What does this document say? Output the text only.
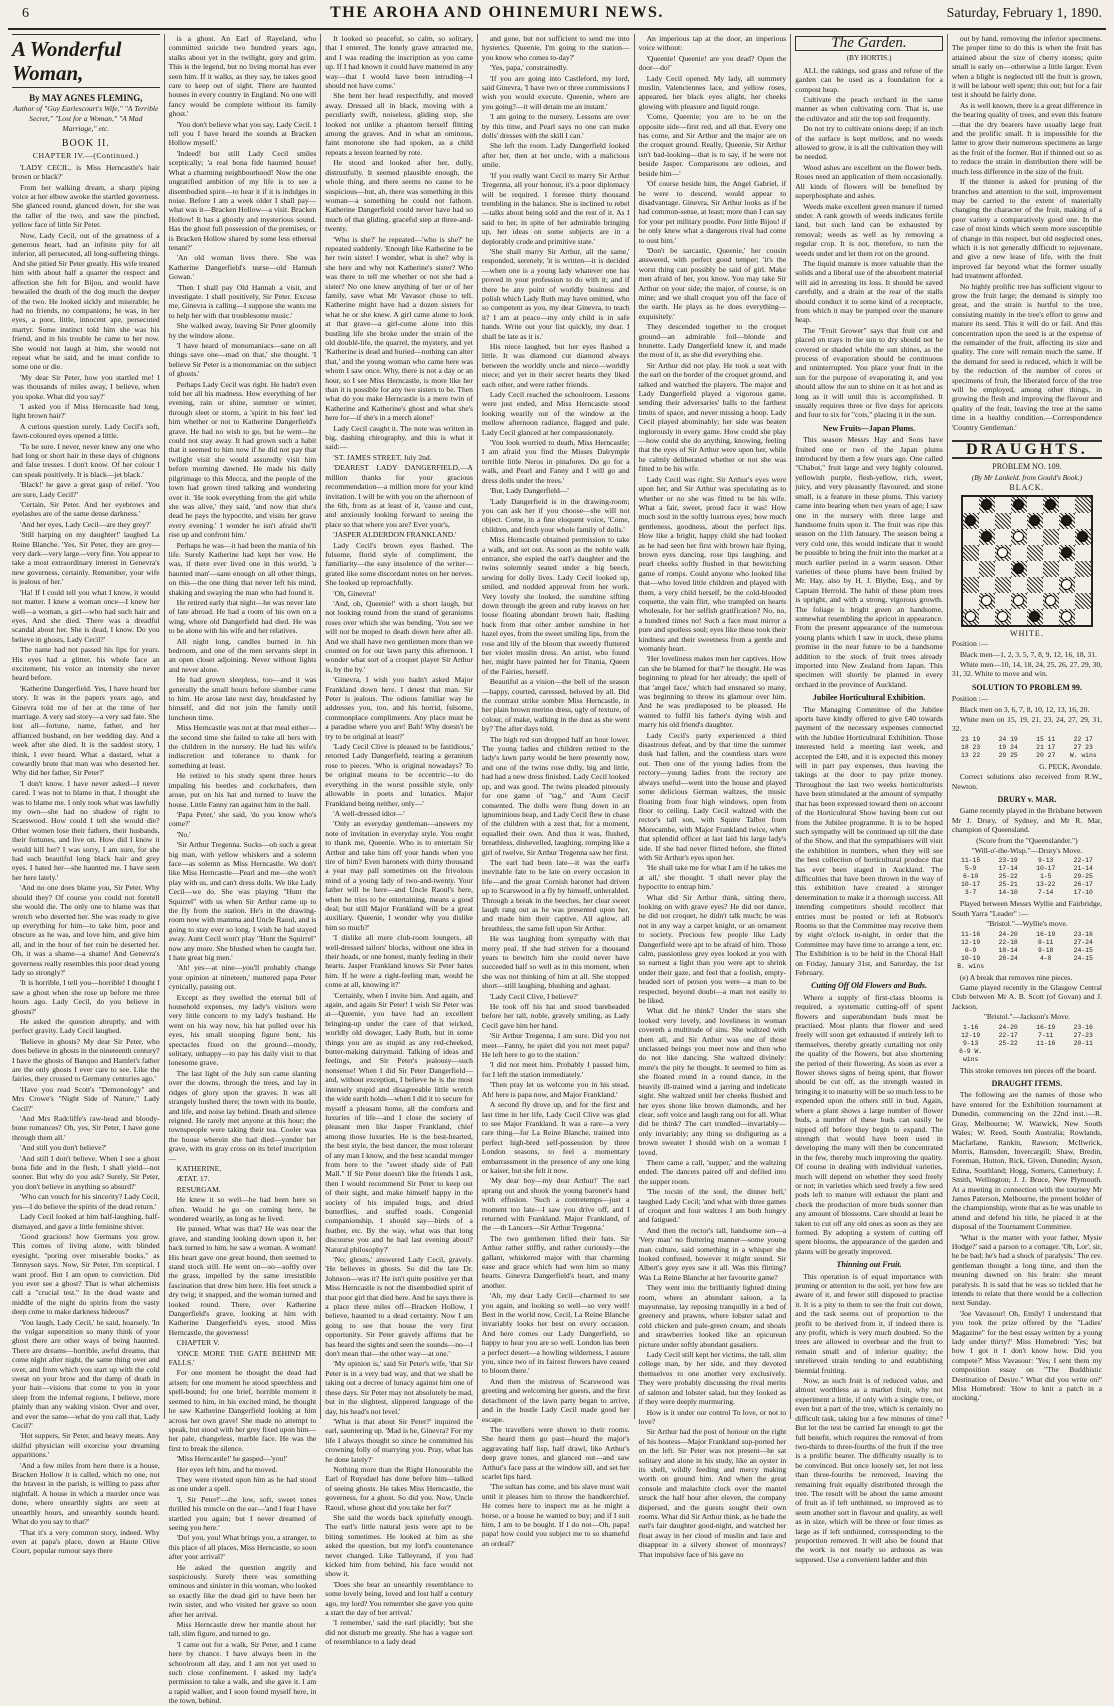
6	THE AROHA AND OHINEMURI NEWS.	Saturday, February 1, 1890.
A Wonderful Woman,
By MAY AGNES FLEMING,
Author of "Guy Earlescourt's Wife," "A Terrible Secret," "Lost for a Woman," "A Mad Marriage," etc.
BOOK II.
CHAPTER IV.—(Continued.)

'LADY CECIL, is Miss Herncastle's hair brown or black?'

From her walking dream, a sharp piping voice at her elbow awoke the startled governess. She glanced round, glanced down, for she was the taller of the two, and saw the pinched, yellow face of little Sir Peter.

Now, Lady Cecil, out of the greatness of a generous heart, had an infinite pity for all inferior, all persecuted, all long-suffering things. And she pitied Sir Peter greatly. His wife treated him with about half a quarter the respect and affection she felt for Bijou, and would have bewailed the death of the dog much the deeper of the two. He looked sickly and miserable; he had no friends, no companions; he was, in her eyes, a poor, little, innocent ape, persecuted martyr. Some instinct told him she was his friend, and in his trouble he came to her now. She would not laugh at him, she would not repeat what he said, and he must confide to some one or die.

'My dear Sir Peter, how you startled me! I was thousands of miles away, I believe, when you spoke. What did you say?'

'I asked you if Miss Herncastle had long, light brown hair?'

A curious question surely. Lady Cecil's soft, fawn-coloured eyes opened a little.

'To be sure. I never, never knew any one who had long or short hair in these days of chignons and false tresses. I don't know. Of her colour I can speak positively. It is black—jet black.'

'Black!' he gave a great gasp of relief. 'You are sure, Lady Cecil?'

'Certain, Sir Peter. And her eyebrows and eyelashes are of the same dense darkness.'

'And her eyes, Lady Cecil—are they grey?'

'Still harping on my daughter!' laughed La Reine Blanche. 'Yes, Sir Peter, they are grey—very dark—very large—very fine. You appear to take a most extraordinary interest in Genevra's new governess, certainly. Remember, your wife is jealous of her.'

'Ha! If I could tell you what I know, it would not matter. I knew a woman once—I knew her well—a woman, a girl—who had such hair and eyes. And she died. There was a dreadful scandal about her. She is dead, I know. Do you believe in ghosts, Lady Cecil?'

The name had not passed his lips for years. His eyes had a glitter, his whole face an excitement, his voice an intensity she never heard before.

'Katherine Dangerfield. Yes, I have heard her story. It was in the papers years ago, and Ginevra told me of her at the time of her marriage. A very sad story—a very sad fate. She lost all—fortune, name, father, and her affianced husband, on her wedding day. And a week after she died. It is the saddest story, I think, I ever heard. What a dastard, what a cowardly brute that man was who deserted her. Why did her father, Sir Peter?'

'I don't know. I have never asked—I never cared. I was not to blame in that, I thought she was to blame me. I only took what was lawfully my own—she had no shadow of right to Scarswood. How could I tell she would die? Other women lose their fathers, their husbands, their fortunes, and live on. How did I know it would kill her? I was sorry, I am sure, for she had such beautiful long black hair and grey eyes. I hated her—she haunted me. I have seen her here lately.'

'And no one does blame you, Sir Peter. Why should they? Of course you could not foretell she would die. The only one to blame was that wretch who deserted her. She was ready to give up everything for him—to take him, poor and obscure as he was, and love him, and give him all, and in the hour of her ruin he deserted her. Oh, it was a shame—a shame! And Genevra's governess really resembles this poor dead young lady so strongly?'

'It is horrible, I tell you—horrible! I thought I saw a ghost when she rose up before me three hours ago. Lady Cecil, do you believe in ghosts?'

He asked the question abruptly, and with perfect gravity. Lady Cecil laughed.

'Believe in ghosts? My dear Sir Peter, who does believe in ghosts in the nineteenth century? I have the ghosts of Banquo and Hamlet's father are the only ghosts I ever care to see. Like the fairies, they crossed to Germany centuries ago.'

'Have you read Scott's "Demonology" and Mrs Crowe's "Night Side of Nature," Lady Cecil?'

'And Mrs Radcliffe's raw-head and bloody-bone romances? Oh, yes, Sir Peter, I have gone through them all.'

'And still you don't believe?'

'And still I don't believe. When I see a ghost bona fide and in the flesh, I shall yield—not sooner. But why do you ask? Surely, Sir Peter, you don't believe in anything so absurd?'

'Who can vouch for his sincerity? Lady Cecil, yes—I do believe the spirits of the dead return.'

Lady Cecil looked at him half-laughing, half-dismayed, and gave a little feminine shiver.

'Good gracious! how Germans you grow. This comes of living alone, with blinded eyesight, "poring over miserable books," as Tennyson says. Now, Sir Peter, I'm sceptical. I want proof. But I am open to conviction. Did you ever see a ghost? That is what alchemists call a "crucial test." In the dead waste and middle of the night do spirits from the vasty deep come to make darkness hideous?'

'You laugh, Lady Cecil,' he said, hoarsely. 'In the vulgar superstition so many think of your ghost there are other ways of being haunted. There are dreams—horrible, awful dreams, that come night after night, the same thing over and over, and from which you start up with the cold sweat on your brow and the damp of death in your hair—visions that come to you in your sleep from the infernal regions, I believe, more plainly than any waking vision. Over and over, and ever the same—what do you call that, Lady Cecil?'

'Hot suppers, Sir Peter, and heavy meats. Any skilful physician will exorcise your dreaming apparitions.'

'And a few miles from here there is a house, Bracken Hollow it is called, which no one, not the bravest in the parish, is willing to pass after nightfall. A house in which a murder once was done, where unearthly sights are seen at unearthly hours, and unearthly sounds heard. What do you say to that?'

'That it's a very common story, indeed. Why even at papa's place, down at Haute Olive Court, popular rumour says there

is a ghost. An Earl of Rayeland, who committed suicide two hundred years ago, stalks about yet in the twilight, gory and grim. This is the legend, but no living mortal has ever seen him. If it walks, as they say, he takes good care to keep out of sight. There are haunted houses in every country in England. No one will fancy would be complete without its family ghost.'

'You don't believe what you say, Lady Cecil. I tell you I have heard the sounds at Bracken Hollow myself.'

'Indeed! but still Lady Cecil smiles sceptically; 'a real bona fide haunted house! What a charming neighbourhood! Now the one ungratified ambition of my life is to see a disembodied spirit—to hear it if it is indulges in noise. Before I am a week older I shall pay—what was it—Bracken Hollow—a visit. Bracken Hollow! It has a ghostly and mysterious sound. Has the ghost full possession of the premises, or is Bracken Hollow shared by some less ethereal tenant?'

'An old woman lives there. She was Katherine Dangerfield's nurse—old Hannah Gowan.'

'Then I shall pay Old Hannah a visit, and investigate. I shall positively, Sir Peter. Excuse me, Ginevra is calling—I suppose she wants me to help her with that troublesome music.'

She walked away, leaving Sir Peter gloomily by the window alone.

'I have heard of monomaniacs—sane on all things save one—mad on that,' she thought. 'I believe Sir Peter is a monomaniac on the subject of ghosts.'

Perhaps Lady Cecil was right. He hadn't even told her all his madness. How everything of her evening, rain or shine, summer or winter, through sleet or storm, a 'spirit in his feet' led him whether or not to Katherine Dangerfield's grave. He had no wish to go, but he went—he could not stay away. It had grown such a habit that it seemed to him now if he did not pay that twilight visit she would assuredly visit him before morning dawned. He made his daily pilgrimage to this Mecca, and the people of the town had grown tired talking and wondering over it. 'He took everything from the girl while she was alive,' they said, 'and now that she's dead he pays the hypocrite, and visits her grave every evening.' I wonder he isn't afraid she'll rise up and confront him.'

Perhaps he was—it had been the mania of his life. Surely Katherine had kept her vow. He was, if there ever lived one in this world, 'a haunted man'—sane enough on all other things, on this—the one thing that never left his mind, shaking and swaying the man who had found it.

He retired early that night—he was never late of late abroad. He had a room of his own on a wing, where old Dangerfield had died. He was to be alone with his wife and her relatives.

All night long, candles burned in his bedroom, and one of the men servants slept in an open closet adjoining. Never without lights and never alone.

He had grown sleepless, too—and it was generally the small hours before slumber came to him. He arose late next day, breakfasted by himself, and did not join the family until luncheon time.

Miss Herncastle was not at that meal either—the second time she failed to take all hers with the children in the nursery. He had his wife's indiscretion and tolerance to thank for something at least.

He retired to his study spent three hours impaling his beetles and cockchafers, then arose, put on his hat and turned to leave the house. Little Fanny ran against him in the hall.

'Papa Peter,' she said, 'do you know who's come?'

'No.'

'Sir Arthur Tregenna. Sucks—oh such a great big man, with yellow whiskers and a solemn face—as solemn as Miss Herncastle. We don't like Miss Herncastle—Pearl and me—she won't play with us, and can't dress dolls. We like Lady Cecil—we do. She was playing "Hunt the Squirrel" with us when Sir Arthur came up to the fly from the station. He's in the drawing-room now with mamma and Uncle Raoul, and is going to stay ever so long. I wish he had stayed away. Aunt Cecil won't play "Hunt the Squirrel" now any more. She blushed when he caught her. I hate great big men.'

'Ah! yes—at nine—you'll probably change your opinion at nineteen,' muttered papa Peter cynically, passing out.

Except as they swelled the eternal bill of household expenses, my lady's visitors were very little concern to my lady's husband. He went on his way now, his hat pulled over his eyes, his small stooping figure bent, his spectacles fixed on the ground—moody, solitary, unhappy—to pay his daily visit to that lonesome grave.

The last light of the July sun came slanting over the downs, through the trees, and lay in ridges of glory upon the graves. It was all strangely hushed there; the town with its bustle, and life, and noise lay behind. Death and silence reigned. He rarely met anyone at this hour; the townspeople were taking their tea. Cooler was the house wherein she had died—yonder her grave, with its gray cross on its brief inscription—

KATHERINE,

ÆTAT. 17.

RESURGAM.

He knew it so well—he had been here so often. Would he go on coming here, he wondered wearily, as long as he lived.

He paused. What was that? He was near the grave, and standing looking down upon it, her back turned to him, he saw a woman. A woman! His heart gave one great bound, then seemed to stand stock still. He went on—so—softly over the grass, impelled by the same irresistible fascination that drew him here. His feet struck a dry twig; it snapped, and the woman turned and looked round. There, over Katherine Dangerfield's grave, looking at him with Katherine Dangerfield's eyes, stood Miss Herncastle, the governess!

CHAPTER V.

'ONCE MORE THE GATE BEHIND ME FALLS.'

For one moment he thought the dead had arisen; for one moment he stood speechless and spell-bound; for one brief, horrible moment it seemed to him, in his excited mind, he thought he saw Katherine Dangerfield looking at him across her own grave! She made no attempt to speak, but stood with her grey fixed upon him—her pale, changeless, marble face. He was the first to break the silence.

'Miss Herncastle!' he gasped—'you!'

Her eyes left him, and he moved.

They were riveted upon him as he had stood as one under a spell.

'I, Sir Peter!'—the low, soft, sweet tones thrilled his muscle on the ear—'and I fear I have startled you again; but I never dreamed of seeing you here.'

'Do! you, you! What brings you, a stranger, to this place of all places, Miss Herncastle, so soon after your arrival?'

He asked the question angrily and suspiciously. Surely there was something ominous and sinister in this woman, who looked so exactly like the dead girl to have been her twin sister, and who visited her grave so soon after her arrival.

Miss Herncastle drew her mantle about her tall, slim figure, and turned to go.

'I came out for a walk, Sir Peter, and I came here by chance. I have always been in the schoolroom all day, and I am not yet used to such close confinement. I asked my lady's permission to take a walk, and she gave it. I am a rapid walker, and I soon found myself here, in the town, behind.

It looked so peaceful, so calm, so solitary, that I entered. The lonely grave attracted me, and I was reading the inscription as you came up. If I had known it could have mattered in any way—that I would have been intruding—I should not have come.'

She bent her head respectfully, and moved away. Dressed all in black, moving with a peculiarly swift, noiseless, gliding step, she looked not unlike a phantom herself flitting among the graves. And in what an ominous, faint monotone she had spoken, as a child repeats a lesson learned by rote.

He stood and looked after her, dully, distrustfully. It seemed plausible enough, the whole thing, and there seems no cause to be suspicious—but, ah, there was something in this woman—a something he could not fathom. Katherine Dangerfield could never have had so much of that gliding, graceful step at three-and-twenty.

'Who is she?' he repeated—'who is she?' he repeated suddenly. 'Enough like Katherine to be her twin sister! I wonder, what is she? why is she here and why not Katherine's sister? Who was there to tell me whether or not she had a sister? No one knew anything of her or of her family, save what Mr Vavasor chose to tell. Katherine might have had a dozen sisters for what he or she knew. A girl came alone to look at that grave—a girl-come alone into this bustling life she broke under the strain of the old doublé-life, the quarrel, the mystery, and yet 'Katherine is dead and buried—nothing can alter that,' and the young woman who came here was whom I saw once. Why, there is not a day or an hour, so I see Miss Herncastle, is more like her than it is possible for any two sisters to be. Then what do you make Herncastle is a mere twin of Katherine and Katherine's ghost and what she's here for—if she's in a merch alone!'

Lady Cecil caught it. The note was written in big, dashing chirography, and this is what it said:—

'ST. JAMES STREET, July 2nd.

'DEAREST LADY DANGERFIELD,—A million thanks for your gracious recommendation—a million more for your kind invitation. I will be with you on the afternoon of the 6th, from as at least of it, 'cause and cust, and anxiously looking forward to seeing the place so that where you are? Ever your's,

'JASPER ALDERDON FRANKLAND.'

Lady Cecil's brown eyes flashed. The fulsome, florid style of compliment, the familiarity—the easy insolence of the writer—grated like some discordant notes on her nerves. She looked up reproachfully.

'Oh, Ginevra!'

'And, oh, Queenie!' with a short laugh, but not looking round from the stand of geraniums roses over which she was bending. 'You see we will not be moped to death down here after all. And we shall have two gentlemen more than we counted on for our lawn party this afternoon. I wonder what sort of a croquet player Sir Arthur is, by the by.'

'Ginevra, I wish you hadn't asked Major Frankland down here. I detest that man. Sir Peter is jealous. The odious familiar way he addresses you, too, and his horrid, fulsome, commonplace compliments. Any place must be a paradise where you are! Bah! Why doesn't he try to be original at least?'

'Lady Cecil Clive is pleased to be fastidious,' retorted Lady Dangerfield, tearing a geranium rose to pieces. 'Who is original nowadays? To be original means to be eccentric—to do everything in the worst possible style, only allowable in poets and lunatics. Major Frankland being neither, only—'

'A well-dressed idiot—'

'Only an everyday gentleman—answers my note of invitation in everyday style. You ought to thank me, Queenie. Who is to entertain Sir Arthur and take him off your hands when you tire of him? Even baronets with thirty thousand a year may pall sometimes on the frivolous mind of a young lady of two-and-twenty. Your father will be here—and Uncle Raoul's here, when he tries to be entertaining, means a good deal; but still Major Frankland will be a great auxiliary. Queenie, I wonder why you dislike him so much?'

'I dislike all mere club-room loungers, all well-dressed tailors' blocks, without one idea in their heads, or one honest, manly feeling in their hearts. Jasper Frankland knows Sir Peter hates him. If he were a right-feeling man, would he come at all, knowing it?'

'Certainly, when I invite him. And again, and again, and again Sir Peter! I wish Sir Peter was at—Queenie, you have had an excellent bringing-up under the care of that wicked, worldly old dowager, Lady Ruth, but in some things you are as stupid as any red-cheeked, butter-making dairymaid. Talking of ideas and feelings, and Sir Peter's jealousy—such nonsense! When I did Sir Peter Dangerfield—and, without exception, I believe he is the most intensely stupid and disagreeable little wretch the wide earth holds—when I did it to secure for myself a pleasant home, all the comforts and luxuries of life—and I close the society of pleasant men like Jasper Frankland, chief among those luxuries. He is the best-hearted, the best style, the best dancer, the most tolerant of any man I know, and the best scandal monger from here to the "sweet shady side of Pall Mall." If Sir Peter doesn't like the friends I ask, then I would recommend Sir Peter to keep out of their sight, and make himself happy in the society of his impaled bugs, and dried butterflies, and stuffed toads. Congenial companionship, I should say—birds of a feather, etc. By the way, what was that long discourse you and he had last evening about? Natural philosophy?'

'No; ghosts,' answered Lady Cecil, gravely. 'He believes in ghosts. So did the late Dr. Johnson—was it? He isn't quite positive yet that Miss Herncastle is not the disembodied spirit of that poor girl that died here. And he says there is a place three miles off—Bracken Hollow, I believe, haunted to a dead certainty. Now I am going to see that house the very first opportunity. Sir Peter gravely affirms that he has heard the sights and seen the sounds—no—I don't mean that—the other way—at one.'

'My opinion is,' said Sir Peter's wife, 'that Sir Peter is in a very bad way, and that we shall be taking out a decree of lunacy against him one of these days. Sir Peter may not absolutely be mad, but in the slightest, slippered language of the day, his head's not level.'

'What is that about Sir Peter?' inquired the earl, sauntering up. 'Mad is he, Ginevra? For my life I always thought so since he committed his crowning folly of marrying you. Pray, what has he done lately?'

Nothing more than the Right Honourable the Earl of Ruysdael has done before him—talked of seeing ghosts. He takes Miss Herncastle, the governess, for a ghost. So did you. Now, Uncle Raoul, whose ghost did you take her for?'

She said the words back spitefully enough. The earl's little natural jests were apt to be biting sometimes. He looked at him as she asked the question, but my lord's countenance never changed. Like Talleyrand, if you had kicked him from behind, his face would not show it.

'Does she bear an unearthly resemblance to some lovely being, loved and lost half a century ago, my lord? You remember she gave you quite a start the day of her arrival.'

'I remember,' said the earl placidly; 'but she did not disturb me greatly. She has a vague sort of resemblance to a lady dead

and gone, but not sufficient to send me into hysterics. Queenie, I'm going to the station—you know who comes to-day?'

'Yes, papa,' constrainedly.

'If you are going into Castleford, my lord, said Ginevra, 'I have two or three commissions I wish you would execute. Queenie, where are you going?—it will detain me an instant.'

'I am going to the nursery. Lessons are over by this time, and Pearl says no one can make dolls' dresses with the skill I can.'

She left the room. Lady Dangerfield looked after her, then at her uncle, with a malicious smile.

'If you really want Cecil to marry Sir Arthur Tregenna, all your honour, it's a poor diplomacy will be required. I foresee thirty thousand trembling in the balance. She is inclined to rebel—talks about being sold and the rest of it. As I said to her, in spite of her admirable bringing up, her ideas on some subjects are in a deplorably crude and primitive state.'

'She shall marry Sir Arthur, all the same,' responded, serenely, 'it is written—it is decided—when one is a young lady whatever one has proved in your profession to do with it; and if there be any point of worldly business and polish which Lady Ruth may have omitted, who so competent as you, my dear Ginevra, to teach it? I am at peace—my only child is in safe hands. Write out your list quickly, my dear. I shall be late as it is.'

His niece laughed, but her eyes flashed a little. It was diamond cut diamond always between the worldly uncle and niece—worldly niece; and yet in their secret hearts they liked each other, and were rather friends.

Lady Cecil reached the schoolroom. Lessons were just ended, and Miss Herncastle stood looking wearily out of the window at the mellow afternoon radiance, flagged and pale. Lady Cecil glanced at her compassionately.

'You look worried to death, Miss Herncastle; I am afraid you find the Misses Dalrymple terrible little Neros in pinafores. Do go for a walk, and Pearl and Fanny and I will go and dress dolls under the trees.'

'But, Lady Dangerfield—'

'Lady Dangerfield is in the drawing-room; you can ask her if you choose—she will not object. Come, in a fine eloquent voice, 'Come, children, and fetch your whole family of dolls.'

Miss Herncastle obtained permission to take a walk, and set out. As soon as the noble walk entrance, she espied the earl's daughter and the twins solemnly seated under a big beech, sewing for dolly lives. Lady Cecil looked up, smiled, and nodded approval from her work. Very lovely she looked, the sunshine sifting down through the green and ruby leaves on her loose floating abundant brown hair, flashing back from that other amber sunshine in her hazel eyes, from the sweet smiling lips, from the rose and lily of the bloom that sweetly fluttered her violet muslin dress. An artist, who found her, might have painted her for Titania, Queen of the Fairies, herself.

Beautiful as a vision—the bell of the season—happy, courted, caressed, beloved by all. Did the contrast strike sombre Miss Herncastle, in her plain brown merino dress, ugly of texture, of colour, of make, walking in the dust as she went by? The after days told.

The high red sun dropped half an hour lower. The young ladies and children retired to the lady's lawn party would be here presently now, and one of the twins rose dully, big and little, had had a new dress finished. Lady Cecil looked up, and was good. The twins pleaded piteously for one game of "tag," and 'Aunt Cecil' consented. The dolls were flung down in an ignominious heap, and Lady Cecil flew in chase of the children with a zest that, for a moment, equalled their own. And thus it was, flushed, breathless, dishevelled, laughing, romping like a girl of twelve, Sir Arthur Tregenna saw her first.

The earl had been late—it was the earl's inevitable fate to be late on every occasion in life—and the great Cornish baronet had driven up to Scarswood in a fly by himself, unheralded. Through a break in the beeches, her clear sweet laugh rang out as he was presented upon her, and made him their captive. All aglow, all breathless, the same fell upon Sir Arthur.

He was laughing from sympathy with that merry peal. If she had striven for a thousand years to bewitch him she could never have succeeded half so well as in this moment, when she was not thinking of him at all. She stopped short—still laughing, blushing and aghast.

'Lady Cecil Clive, I believe?'

He took off his hat and stood bareheaded before her tall, noble, gravely smiling, as Lady Cecil gave him her hand.

'Sir Arthur Tregenna, I am sure. Did you not meet—Fanny, be quiet did you not meet papa? He left here to go to the station.'

'I did not meet him. Probably I passed him, for I left the station immediately.'

'Then pray let us welcome you in his stead. Ah! here is papa now, and Major Frankland.'

A second fly drove up, and for the first and last time in her life, Lady Cecil Clive was glad to see Major Frankland. It was a rare—a very rare thing—for La Reine Blanche, trained into perfect high-bred self-possession by three London seasons, to feel a momentary embarrassment in the presence of any one king or kaiser, but she felt it now.

'My dear boy—my dear Arthur!' The earl sprang out and shook the young baronet's hand with effusion. 'Such a contretemps—just a moment too late—I saw you drive off, and I returned with Frankland. Major Frankland, of the —th Lancers—Sir Arthur Tregenna.'

The two gentlemen lifted their hats. Sir Arthur rather stiffly, and rather curiously—the gallant, whiskered major with that charming ease and grace which had won him so many hearts. Ginevra Dangerfield's heart, and many another.

'Ah, my dear Lady Cecil—charmed to see you again, and looking so well—so very well! Best in the world now, Cecil, La Reine Blanche invariably looks her best on every occasion. And here comes our Lady Dangerfield, so happy to hear you are so well. London has been a perfect desert—a howling wilderness, I assure you, since two of its fairest flowers have ceased to bloom there.'

And then the mistress of Scarswood was greeting and welcoming her guests, and the first detachment of the lawn party began to arrive, and in the bustle Lady Cecil made good her escape.

The travellers were shown to their rooms. She heard them go past—heard the major's aggravating half lisp, half drawl, like Arthur's deep grave tones, and glanced out—and saw Arthur's face pass at the window sill, and set her scarlet lips hard.

'The sultan has come, and his slave must wait until it pleases him to throw the handkerchief. He comes here to inspect me as he might a horse, or a house he wanted to buy; and if I suit him, I am to be bought. If I do not—Oh, papa! papa! how could you subject me to so shameful an ordeal?'

An imperious tap at the door, an imperious voice without:

'Queenie! Queenie! are you dead? Open the door—do!'

Lady Cecil opened. My lady, all summery muslin, Valenciennes lace, and yellow roses, appeared, her black eyes alight, her cheeks glowing with pleasure and liquid rouge.

'Come, Queenie; you are to be on the opposite side—first red, and all that. Every one has come, and Sir Arthur and the major are on the croquet ground. Really, Queenie, Sir Arthur isn't bad-looking—that is to say, if he were not beside Jasper. Comparisons are odious, and beside him—'

'Of course beside him, the Angel Gabriel, if he were to descend, would appear to disadvantage. Ginevra, Sir Arthur looks as if he had common-sense, at least; more than I can say for your pet military poodle. Poor little Bijou! if he only knew what a dangerous rival had come to oust him.'

'Don't be sarcastic, Queenie,' her cousin answered, with perfect good temper; 'it's the worst thing can possibly be said of girl. Make men afraid of her, you know. You may take Sir Arthur on your side; the major, of course, is on mine; and we shall croquet you off the face of the earth. He plays as he does everything—exquisitely.'

They descended together to the croquet ground—an admirable foil—blonde and brunette. Lady Dangerfield knew it, and made the most of it, as she did everything else.

Sir Arthur did not play. He took a seat with the earl on the border of the croquet ground, and talked and watched the players. The major and Lady Dangerfield played a vigorous game, sending their adversaries' balls to the farthest limits of space, and never missing a hoop. Lady Cecil played abominably; her side was beaten inglorously in every game. How could she play—how could she do anything, knowing, feeling that the eyes of Sir Arthur were upon her, while he calmly deliberated whether or not she was fitted to be his wife.

Lady Cecil was right. Sir Arthur's eyes were upon her, and Sir Arthur was speculating as to whether or no she was fitted to be his wife. What a fair, sweet, proud face it was! How much soul in the softly lustrous eyes; how much gentleness, goodness, about the perfect lips. How like a bright, happy child she had looked as he had seen her first with brown hair flying, brown eyes dancing, rose lips laughing, and pearl cheeks softly flushed in that bewitching game of romps. Could anyone who looked like that—who loved little children and played with them, a very child herself, be the cold-blooded coquette, the vain flirt, who trampled on hearts wholesale, for her selfish gratification? No, no, a hundred times no! Such a face must mirror a pure and spotless soul; eyes like these took their kindness and their sweetness from a gentle and womanly heart.

'Her loveliness makes men her captives. How can she be blamed for that?' he thought. He was beginning to plead for her already; the spell of that 'angel face,' which had ensnared so many, was beginning to throw its glamour over him. And he was predisposed to be pleased. He wanted to fulfil his father's dying wish and marry his old friend's daughter.

Lady Cecil's party experienced a third disastrous defeat, and by that time the summer dusk had fallen, and the countless stars were out. Then one of the young ladies from the rectory—young ladies from the rectory are always useful—went into the house and played some delicious German waltzes, the music floating from four high windows, open from floor to ceiling. Lady Cecil waltzed with the rector's tall son, with Squire Talbot from Morecambe, with Major Frankland twice, when that splendid officer at last laid his large lady's side. If she had never flirted before, she flirted with Sir Arthur's eyes upon her.

'He shall take me for what I am if he takes me at all,' she thought. 'I shall never play the hypocrite to entrap him.'

What did Sir Arthur think, sitting there, looking on with grave eyes? He did not dance, he did not croquet, he didn't talk much; he was not in any way a carpet knight, or an ornament to society. Precious few people like Lady Dangerfield were apt to be afraid of him. Those calm, passionless grey eyes looked at you with so earnest a light than you were apt to shrink under their gaze, and feel that a foolish, empty-headed sort of person you were—a man to be respected, beyond doubt—a man not easily to be liked.

What did he think? Under the stars she looked very lovely, and loveliness in woman covereth a multitude of sins. She waltzed with them all, and Sir Arthur was one of those unclassed beings you meet now and then who do not like dancing. She waltzed divinely: more's the pity he thought. It seemed to him as she floated round in a round dance, in the heavily ill-trained wind a jarring and indelicate sight. She waltzed until her cheeks flushed and her eyes shone like brown diamonds, and her clear, soft voice and laugh rang out for all. What did he think? The cart trundled—invariably—only invariably; any thing so disfiguring as a brown sweater I should wish on a woman I loved.

There came a call, 'supper,' and the waltzing ended. The dancers paired off and defiled into the supper room.

'The tocsin of the soul, the dinner bell,' laughed Lady Cecil; 'and what with three games of croquet and four waltzes I am both hungry and fatigued.'

And then the rector's tall, handsome son—a 'Very man' no fluttering manner—some young man culture, said something in a whisper she looked confused, however it might sound. Sir Albert's grey eyes saw it all. Was this flirting? Was La Reine Blanche at her favourite game?

They went into the brilliantly lighted dining room, where an abundant saloon, a la mayonnaise, lay reposing tranquilly in a bed of greenery and prawns, where lobster salad and cold chicken and pale-green cream, and shoals and strawberries looked like an epicurean picture under softly abundant gasaliers.

Lady Cecil still kept her victims, the tall, slim college man, by her side, and they devoted themselves to one another very exclusively. They were probably discussing the rival merits of salmon and lobster salad, but they looked as if they were deeply murmuring.

How is it under our control To love, or not to love?

Sir Arthur had the post of honour on the right of his hostess—Major Frankland sup-ported her on the left. Sir Peter was not present—he sat solitary and alone in his study, like an oyster in its shell, wildly feeding and mercy making worth on ground him. And when the great console and malachite clock over the mantel struck the half hour after eleven, the company dispersed, and the guests sought their own rooms. What did Sir Arthur think, as he bade the earl's fair daughter good-night, and watched her float away in her cloud of muslin and lace and disappear in a silvery shower of moonrays? That impulsive face of his gave no

The Garden.
(BY HORTIS.)

ALL the rakings, sod grass and refuse of the garden can be used as a foundation for a compost heap.

Cultivate the peach orchard in the same manner as when cultivating corn. That is, use the cultivator and stir the top soil frequently.

Do not try to cultivate onions deep; if an inch of the surface is kept mellow, and no weeds allowed to grow, it is all the cultivation they will be needed.

Wood ashes are excellent on the flower beds. Roses need an application of them occasionally. All kinds of flowers will be benefited by superphosphate and ashes.

Weeds make excellent green manure if turned under. A rank growth of weeds indicates fertile land, but such land can be exhausted by removal; weeds as well as by removing a regular crop. It is not, therefore, to turn the weeds under and let them rot on the ground.

The liquid manure is more valuable than the solids and a liberal use of the absorbent material will aid in arresting its loss. It should be saved carefully, and a drain at the rear of the stalls should conduct it to some kind of a receptacle, from which it may be pumped over the manure heap.

The "Fruit Grower" says that fruit cut and placed on trays in the sun to dry should not be covered or shaded while the sun shines, as the process of evaporation should be continuous and uninterrupted. You place your fruit in the sun for the purpose of evaporating it, and you should allow the sun to shine on it as hot and as long as it will until this is accomplished. It usually requires three or five days for apricots and four to six for "cots," placing it in the sun.

New Fruits—Japan Plums.

This season Messrs Hay and Sons have fruited one or two of the Japan plums introduced by them a few years ago. One called "Chabot," fruit large and very highly coloured, yellowish purple, flesh-yellow, rich, sweet, juicy, and very pleasantly flavoured, and stone small, is a feature in these plums. This variety came into bearing when two years of age; I saw one in the nursery with three large and handsome fruits upon it. The fruit was ripe this season on the 11th January. The season being a very cold one, this would indicate that it would be possible to bring the fruit into the market at a much earlier period in a warm season. Other varieties of these plums have been fruited by Mr. Hay, also by H. J. Blythe, Esq., and by Captain Herrold. The habit of these plum trees is upright, and with a strong, vigorous growth. The foliage is bright green an handsome, somewhat resembling the apricot in appearance. From the present appearance of the numerous young plants which I saw in stock, these plums promise in the near future to be a handsome addition to the stock of fruit trees already imported into New Zealand from Japan. This specimen will shortly be planted in every orchard in the province of Auckland.

Jubilee Horticultural Exhibition.

The Managing Committee of the Jubilee sports have kindly offered to give £40 towards payment of the necessary expenses connected with the Jubilee Horticultural Exhibition. Those interested held a meeting last week, and accepted the £40, and it is expected this money will in part pay expenses, thus leaving the takings at the door to pay prize money. Throughout the last two weeks horticulturists have been stimulated at the amount of sympathy that has been expressed toward them on account of the Horticultural Show having been cut out from the Jubilee programme. It is to be hoped such sympathy will be continued up till the date of the Show, and that the sympathisers will visit the exhibition in numbers, when they will see the best collection of horticultural produce that has ever been staged in Auckland. The difficulties that have been thrown in the way of this exhibition have created a stronger determination to make it a thorough success. All intending competitors should recollect that entries must be posted or left at Robson's Rooms so that the Committee may receive them by eight o'clock to-night, in order that the Committee may have time to arrange a tent, etc. The Exhibition is to be held in the Choral Hall on Friday, January 31st, and Saturday, the 1st February.

Cutting Off Old Flowers and Buds.

Where a supply of first-class blooms is required, a systematic cutting-off of spent flowers and superabundant buds must be practised. Most plants that flower and seed freely will soon get exhausted if entirely left to themselves, thereby greatly curtailing not only the quality of the flowers, but also shortening the period of their flowering. As soon as ever a flower shows signs of being spent, that flower should be cut off, as the strength wasted in bringing it to maturity will be so much less to be expended upon the others still in bud. Again, where a plant shows a large number of flower buds, a number of these buds can easily be nipped off before they begin to expand. The strength that would have been used in developing the many will then be concentrated in the few, thereby much improving the quality. Of course in dealing with individual varieties, much will depend on whether they seed freely or not; in varieties which seed freely a few seed pods left to mature will exhaust the plant and check the production of more buds sooner than any amount of blossoms. Care should at least be taken to cut off any old ones as soon as they are formed. By adopting a system of cutting off spent blooms, the appearance of the garden and plants will be greatly improved.

Thinning out Fruit.

This operation is of equal importance with pruning or attention to the soil, yet how few are aware of it, and fewer still disposed to practise it. It is a pity to them to see the fruit cut down, and the task seems out of proportion to the profit to be derived from it, if indeed there is any profit, which is very much doubted. So the trees are allowed to overbear and the fruit to remain small and of inferior quality; the unrelieved strain tending to and establishing biennial fruiting.

Now, as such fruit is of reduced value, and almost worthless as a market fruit, why not experiment a little, if only with a single tree, or even but a part of the tree, which is certainly no difficult task, taking but a few minutes of time? But let the test be carried far enough to get the full benefit, which requires the removal of from two-thirds to three-fourths of the fruit if the tree is a prolific bearer. The difficulty usually is to be convinced. But once loosely set, let not less than three-fourths be removed, leaving the remaining fruit equally distributed through the tree. The result will be about the same amount of fruit as if left unthinned, so improved as to seem another sort in flavour and quality, as well as in size, which will be three or four times as large as if left unthinned, corresponding to the proportion removed. It will also be found that the work is not nearly so arduous as was supposed. Use a convenient ladder and thin

out by hand, removing the inferior specimens. The proper time to do this is when the fruit has attained about the size of cherry stones; quite small is early on—otherwise a little larger. Even when a blight is neglected till the fruit is grown, it will be labour well spent; this out; but for a fair test it should be fairly done.

As is well known, there is a great difference in the bearing quality of trees, and even this feature—that the dry bearers have usually large fruit and the prolific small. It is impossible for the latter to grow their numerous specimens as large as the fruit of the former. But if thinned out so as to reduce the strain in distribution there will be much less difference in the size of the fruit.

If the thinner is asked for pruning of the branches and attention to the soil, improvement may be carried to the extent of materially changing the character of the fruit, making of a poor variety a comparatively good one. In the case of most kinds which seem more susceptible of change in this respect, but old neglected ones, which it is not generally difficult to rejuvenate, and give a new lease of life, with the fruit improved far beyond what the former usually had treatment afforded.

No highly prolific tree has sufficient vigour to grow the fruit large; the demand is simply too great, and the strain is hurtful to the tree, consisting mainly in the tree's effort to grow and mature its seed. This it will do or fail. And this concentration upon the seed is at the expense of the remainder of the fruit, affecting its size and quality. The core will remain much the same. If the demand for seed is reduced, which it will be by the reduction of the number of cores or specimens of fruit, the liberated force of the tree will be employed, among other things, in growing the flesh and improving the flavour and quality of the fruit, leaving the tree at the same time in a healthy condition.—Correspondence 'Country Gentleman.'

DRAUGHTS.
PROBLEM NO. 109.
(By Mr Lankeld. from Gould's Book.)
BLACK.
WHITE.

Position :—

Black men—1, 2, 3, 5, 7, 8, 9, 12, 16, 18, 31.

White men—10, 14, 18, 24, 25, 26, 27, 29, 30, 31, 32. White to move and win.

SOLUTION TO PROBLEM 99.

Position :—

Black men on 3, 6, 7, 8, 10, 12, 13, 16, 20.

White men on 15, 19, 21, 23, 24, 27, 29, 31, 32.

23 19	24 19	15 11	22 17
18 23	19 24	21 17	27 23
13 22	29 25	20 27	W. wins

G. PECK, Avondale.

Correct solutions also received from R.W., Newton.

DRURY v. MAR.

Game recently played in the Brisbane between Mr J. Drury, of Sydney, and Mr R. Mar, champion of Queensland.

(Score from the "Queenslander.")

"Will-o'-the-Wisp."—Drury's Move.

11-15	23-19	9-13	22-17
5-9	17-14	10-17	21-14
6-10	25-22	1-5	29-25
10-17	25-21	13-22	26-17
3-7	14-10	7-14	17-10

Played between Messrs Wyllie and Fairbridge, South Yarra "Leader" :—

"Bristol."—Wyllie's move.

11-16	24-20	16-19	23-16
12-19	22-18	8-11	27-24
6-9	18-14	9-18	24-15
10-19	28-24	4-8	24-15
B. wins

(e) A break that removes nine pieces.

Game played recently in the Glasgow Central Club between Mr A. B. Scott (of Govan) and J. Jackson.

"Bristol."—Jackson's Move.

1-16	24-20	16-19	23-16
12-19	22-17	7-11	27-23
9-13	25-22	11-16	20-11
6-9 W. wins

This stroke removes ten pieces off the board.

DRAUGHT ITEMS.

The following are the names of those who have entered for the Exhibition tournament at Dunedin, commencing on the 22nd inst.:—R. Gray, Melbourne; W. Warwick, New South Wales; W. Reed, South Australia; Rowlands, Macfarlane, Rankin, Rawson; McIlwrick, Morris, Ramsden, Invercargill; Shaw, Bredin, Foreman, Hutton, Rick, Given, Dunedin; Ayson, Edina, Southland; Hogg, Somers, Canterbury; J. Smith, Wellington; J. J. Bruce, New Plymouth. At a meeting in connection with the tourney Mr James Paterson, Melbourne, the present holder of the championship, wrote that as he was unable to attend and defend his title, he placed it at the disposal of the Tournament Committee.

'What is the matter with your father, Mysie Hodge?' said a parson to a cottager. 'Oh, Lor', sir, he be bad; he's had a shock of paralysis.' The rev. gentleman thought a long time, and then the meaning dawned on his brain: she meant paralysis. It is said that he was so tickled that he intends to relate that there would be a collection next Sunday.

'Joe Vavasour! Oh, Emily! I understand that you took the prize offered by the "Ladies' Magazine" for the best essay written by a young lady under thirty?' Miss Homebred: 'Yes; but how I got it I don't know how. Did you compete?' Miss Vavasour: 'Yes; I sent them my composition essay on "The Buddhistic Destination of Desire." What did you write on?' Miss Homebred: 'How to knit a patch in a stocking.'
